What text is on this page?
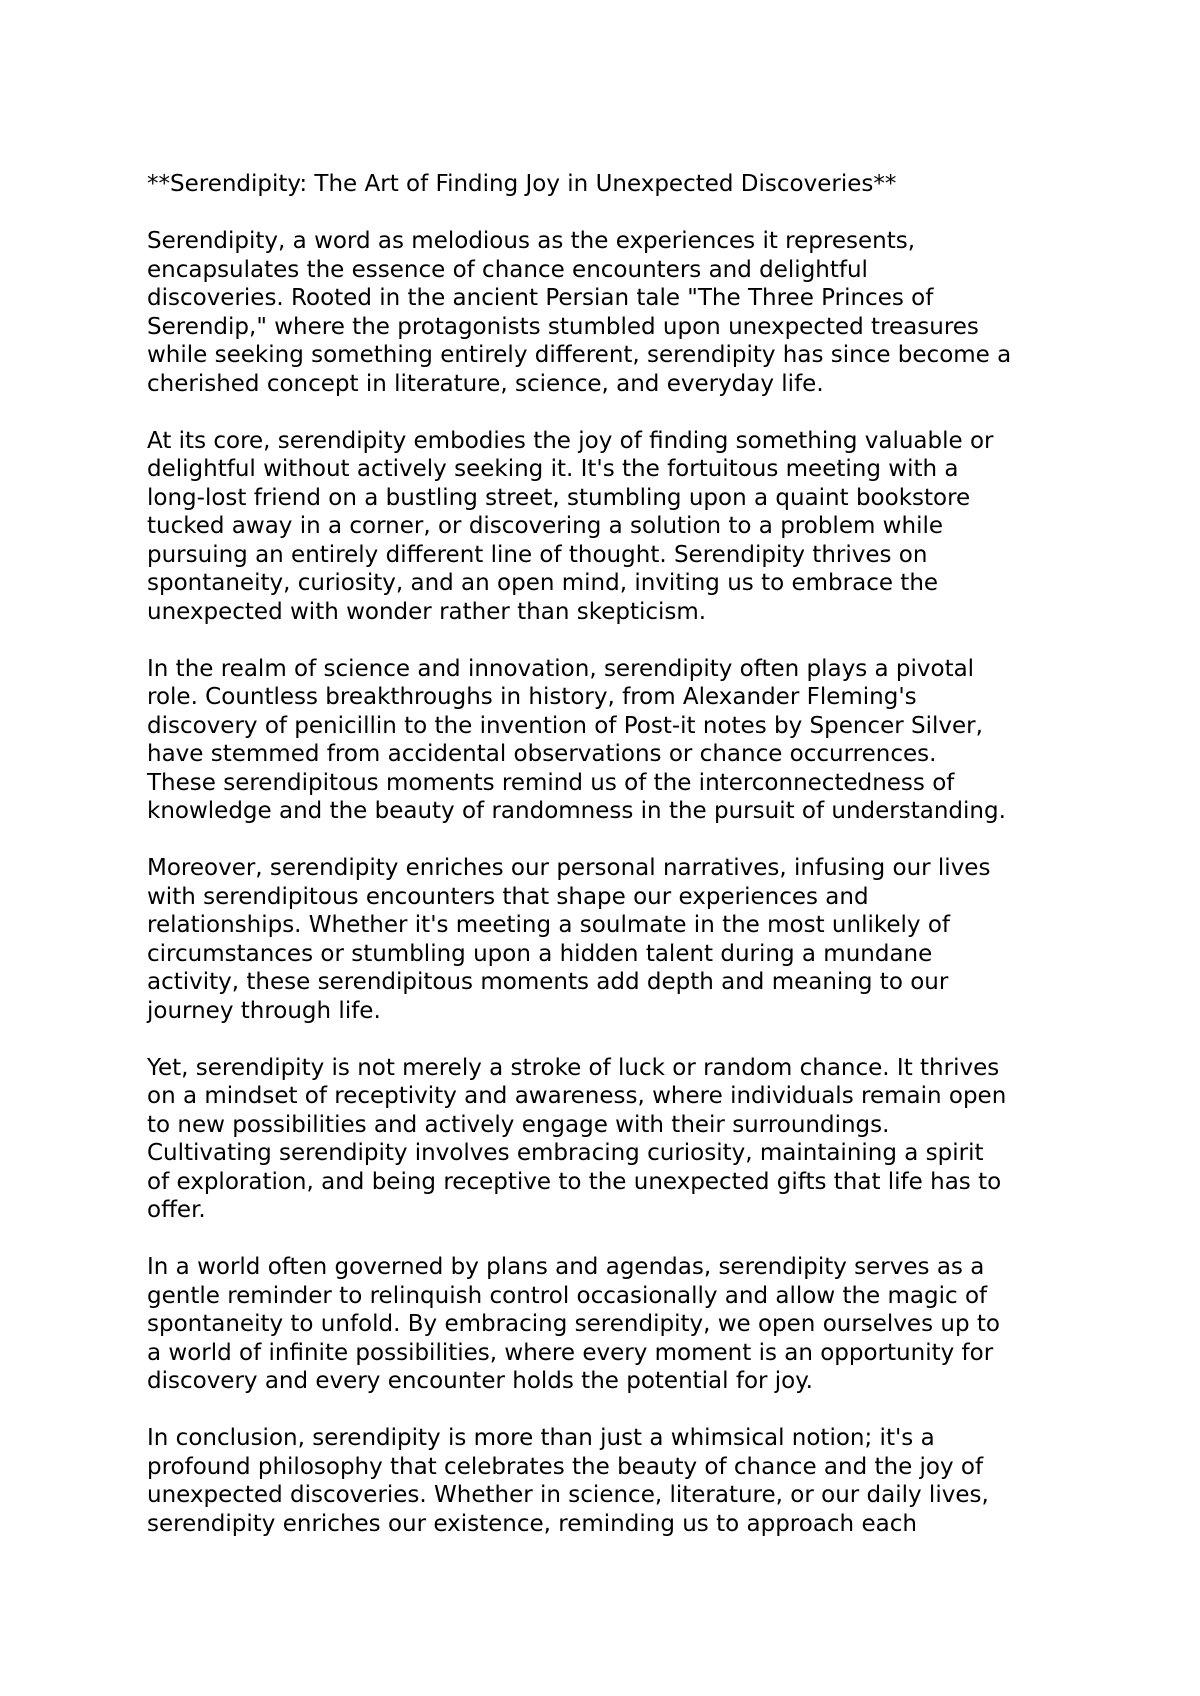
**Serendipity: The Art of Finding Joy in Unexpected Discoveries**

Serendipity, a word as melodious as the experiences it represents,
encapsulates the essence of chance encounters and delightful
discoveries. Rooted in the ancient Persian tale "The Three Princes of
Serendip," where the protagonists stumbled upon unexpected treasures
while seeking something entirely different, serendipity has since become a
cherished concept in literature, science, and everyday life.

At its core, serendipity embodies the joy of finding something valuable or
delightful without actively seeking it. It's the fortuitous meeting with a
long-lost friend on a bustling street, stumbling upon a quaint bookstore
tucked away in a corner, or discovering a solution to a problem while
pursuing an entirely different line of thought. Serendipity thrives on
spontaneity, curiosity, and an open mind, inviting us to embrace the
unexpected with wonder rather than skepticism.

In the realm of science and innovation, serendipity often plays a pivotal
role. Countless breakthroughs in history, from Alexander Fleming's
discovery of penicillin to the invention of Post-it notes by Spencer Silver,
have stemmed from accidental observations or chance occurrences.
These serendipitous moments remind us of the interconnectedness of
knowledge and the beauty of randomness in the pursuit of understanding.

Moreover, serendipity enriches our personal narratives, infusing our lives
with serendipitous encounters that shape our experiences and
relationships. Whether it's meeting a soulmate in the most unlikely of
circumstances or stumbling upon a hidden talent during a mundane
activity, these serendipitous moments add depth and meaning to our
journey through life.

Yet, serendipity is not merely a stroke of luck or random chance. It thrives
on a mindset of receptivity and awareness, where individuals remain open
to new possibilities and actively engage with their surroundings.
Cultivating serendipity involves embracing curiosity, maintaining a spirit
of exploration, and being receptive to the unexpected gifts that life has to
offer.

In a world often governed by plans and agendas, serendipity serves as a
gentle reminder to relinquish control occasionally and allow the magic of
spontaneity to unfold. By embracing serendipity, we open ourselves up to
a world of infinite possibilities, where every moment is an opportunity for
discovery and every encounter holds the potential for joy.

In conclusion, serendipity is more than just a whimsical notion; it's a
profound philosophy that celebrates the beauty of chance and the joy of
unexpected discoveries. Whether in science, literature, or our daily lives,
serendipity enriches our existence, reminding us to approach each
